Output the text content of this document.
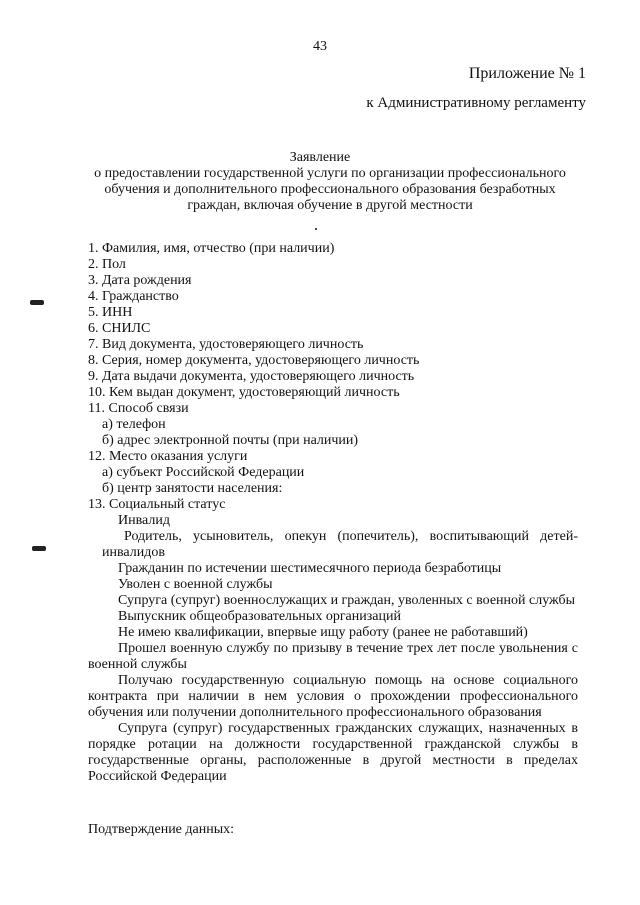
43
Приложение № 1
к Административному регламенту
Заявление
о предоставлении государственной услуги по организации профессионального обучения и дополнительного профессионального образования безработных граждан, включая обучение в другой местности
1. Фамилия, имя, отчество (при наличии)
2. Пол
3. Дата рождения
4. Гражданство
5. ИНН
6. СНИЛС
7. Вид документа, удостоверяющего личность
8. Серия, номер документа, удостоверяющего личность
9. Дата выдачи документа, удостоверяющего личность
10. Кем выдан документ, удостоверяющий личность
11. Способ связи
а) телефон
б) адрес электронной почты (при наличии)
12. Место оказания услуги
а) субъект Российской Федерации
б) центр занятости населения:
13. Социальный статус
Инвалид
Родитель, усыновитель, опекун (попечитель), воспитывающий детей-инвалидов
Гражданин по истечении шестимесячного периода безработицы
Уволен с военной службы
Супруга (супруг) военнослужащих и граждан, уволенных с военной службы
Выпускник общеобразовательных организаций
Не имею квалификации, впервые ищу работу (ранее не работавший)
Прошел военную службу по призыву в течение трех лет после увольнения с военной службы
Получаю государственную социальную помощь на основе социального контракта при наличии в нем условия о прохождении профессионального обучения или получении дополнительного профессионального образования
Супруга (супруг) государственных гражданских служащих, назначенных в порядке ротации на должности государственной гражданской службы в государственные органы, расположенные в другой местности в пределах Российской Федерации
Подтверждение данных:
